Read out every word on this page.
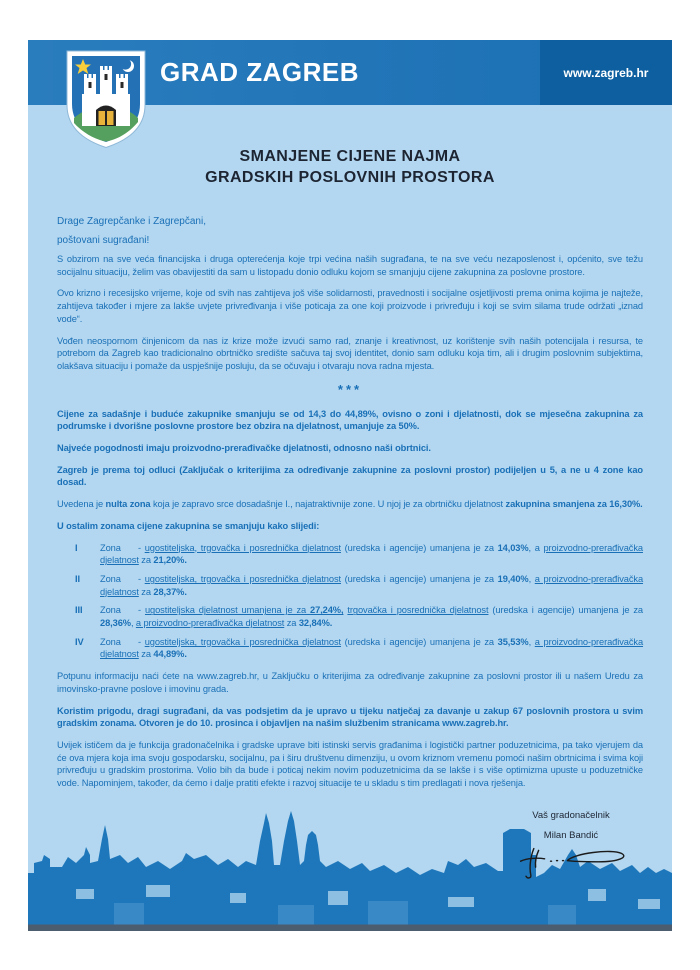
GRAD ZAGREB	www.zagreb.hr
SMANJENE CIJENE NAJMA
GRADSKIH POSLOVNIH PROSTORA

Drage Zagrepčanke i Zagrepčani,

poštovani sugrađani!

S obzirom na sve veća financijska i druga opterećenja koje trpi većina naših sugrađana, te na sve veću nezaposlenost i, općenito, sve težu socijalnu situaciju, želim vas obavijestiti da sam u listopadu donio odluku kojom se smanjuju cijene zakupnina za poslovne prostore.

Ovo krizno i recesijsko vrijeme, koje od svih nas zahtijeva još više solidarnosti, pravednosti i socijalne osjetljivosti prema onima kojima je najteže, zahtijeva također i mjere za lakše uvjete privređivanja i više poticaja za one koji proizvode i privređuju i koji se svim silama trude održati „iznad vode“.

Vođen neospornom činjenicom da nas iz krize može izvući samo rad, znanje i kreativnost, uz korištenje svih naših potencijala i resursa, te potrebom da Zagreb kao tradicionalno obrtničko središte sačuva taj svoj identitet, donio sam odluku koja tim, ali i drugim poslovnim subjektima, olakšava situaciju i pomaže da uspješnije posluju, da se očuvaju i otvaraju nova radna mjesta.

***

Cijene za sadašnje i buduće zakupnike smanjuju se od 14,3 do 44,89%, ovisno o zoni i djelatnosti, dok se mjesečna zakupnina za podrumske i dvorišne poslovne prostore bez obzira na djelatnost, umanjuje za 50%.

Najveće pogodnosti imaju proizvodno-prerađivačke djelatnosti, odnosno naši obrtnici.

Zagreb je prema toj odluci (Zaključak o kriterijima za određivanje zakupnine za poslovni prostor) podijeljen u 5, a ne u 4 zone kao dosad.

Uvedena je nulta zona koja je zapravo srce dosadašnje I., najatraktivnije zone. U njoj je za obrtničku djelatnost zakupnina smanjena za 16,30%.

U ostalim zonama cijene zakupnina se smanjuju kako slijedi:

I Zona - ugostiteljska, trgovačka i posrednička djelatnost (uredska i agencije) umanjena je za 14,03%, a proizvodno-prerađivačka djelatnost za 21,20%.

II Zona - ugostiteljska, trgovačka i posrednička djelatnost (uredska i agencije) umanjena je za 19,40%, a proizvodno-prerađivačka djelatnost za 28,37%.

III Zona - ugostiteljska djelatnost umanjena je za 27,24%, trgovačka i posrednička djelatnost (uredska i agencije) umanjena je za 28,36%, a proizvodno-prerađivačka djelatnost za 32,84%.

IV Zona - ugostiteljska, trgovačka i posrednička djelatnost (uredska i agencije) umanjena je za 35,53%, a proizvodno-prerađivačka djelatnost za 44,89%.

Potpunu informaciju naći ćete na www.zagreb.hr, u Zaključku o kriterijima za određivanje zakupnine za poslovni prostor ili u našem Uredu za imovinsko-pravne poslove i imovinu grada.

Koristim prigodu, dragi sugrađani, da vas podsjetim da je upravo u tijeku natječaj za davanje u zakup 67 poslovnih prostora u svim gradskim zonama. Otvoren je do 10. prosinca i objavljen na našim službenim stranicama www.zagreb.hr.

Uvijek ističem da je funkcija gradonačelnika i gradske uprave biti istinski servis građanima i logistički partner poduzetnicima, pa tako vjerujem da će ova mjera koja ima svoju gospodarsku, socijalnu, pa i širu društvenu dimenziju, u ovom kriznom vremenu pomoći našim obrtnicima i svima koji privređuju u gradskim prostorima. Volio bih da bude i poticaj nekim novim poduzetnicima da se lakše i s više optimizma upuste u poduzetničke vode. Napominjem, također, da ćemo i dalje pratiti efekte i razvoj situacije te u skladu s tim predlagati i nova rješenja.

Vaš gradonačelnik
Milan Bandić
